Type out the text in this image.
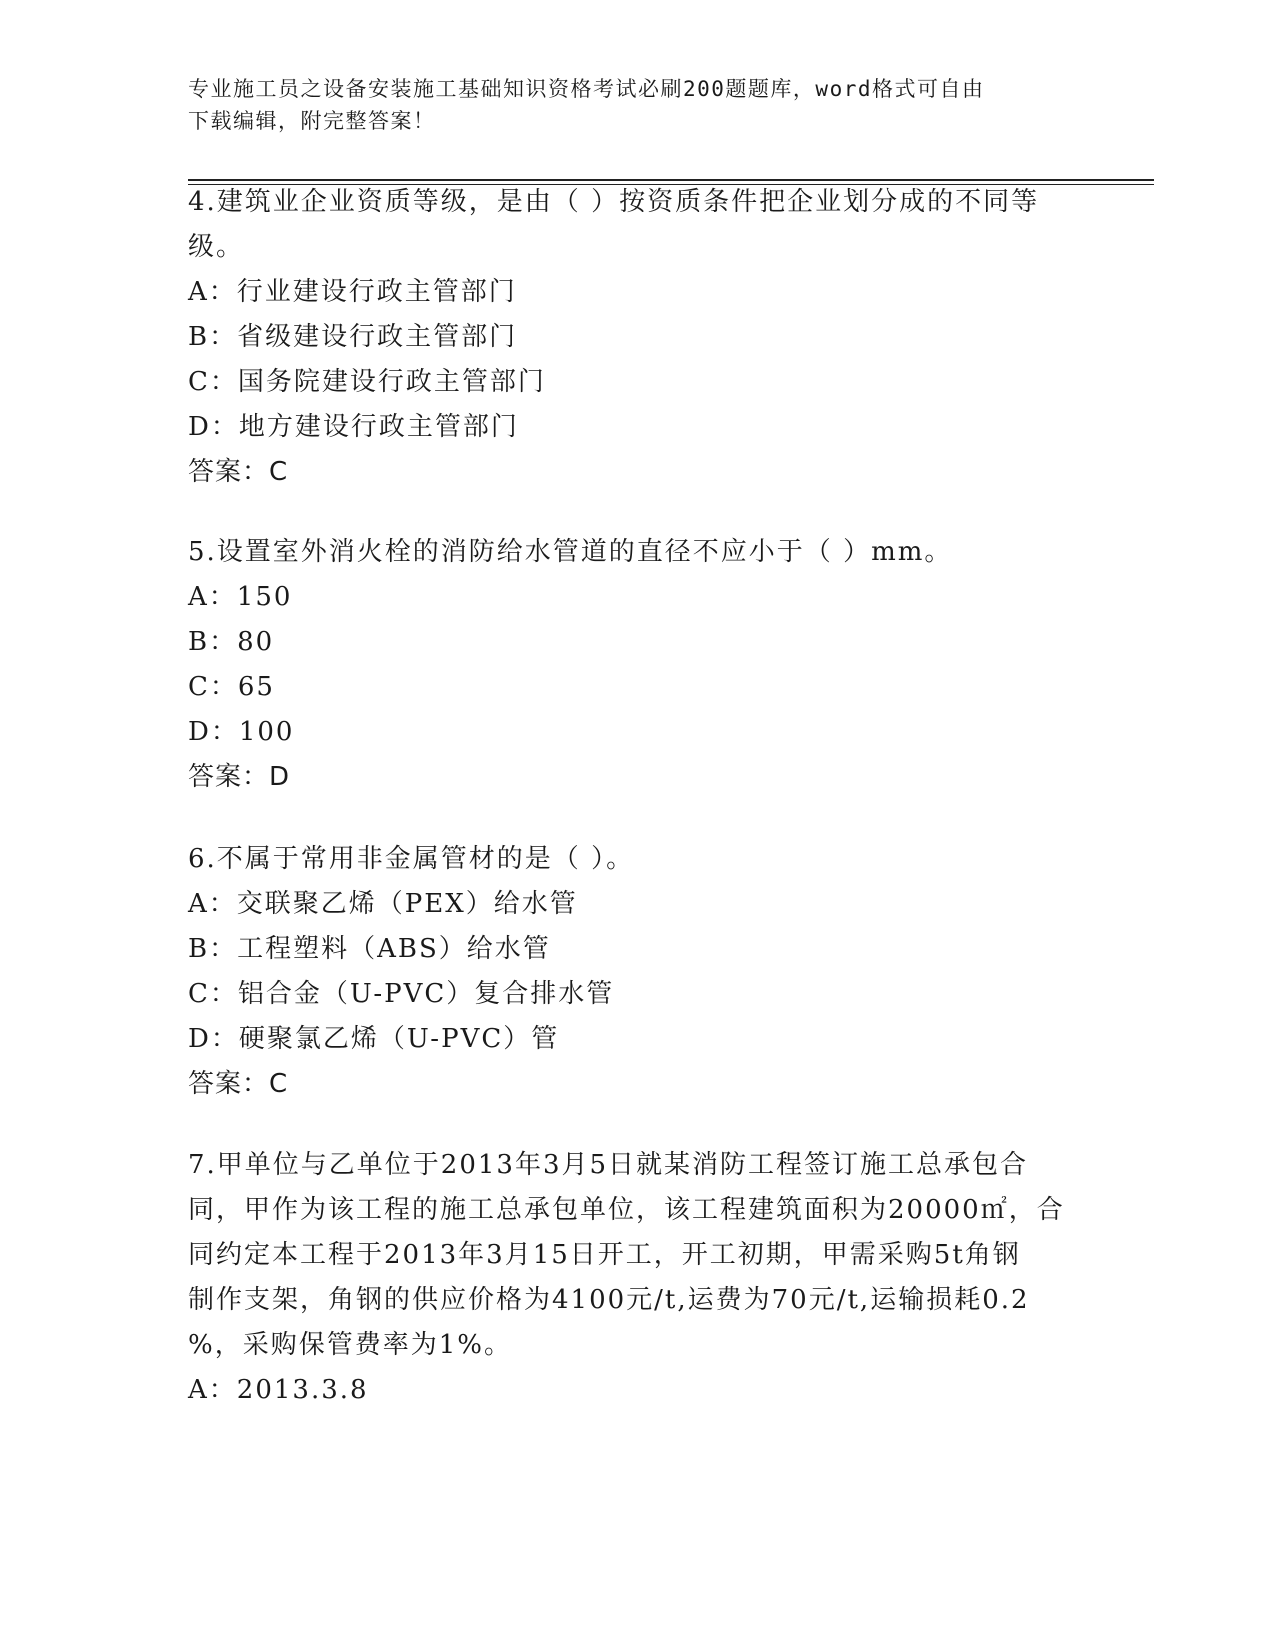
专业施工员之设备安装施工基础知识资格考试必刷200题题库，word格式可自由
下载编辑，附完整答案！

4.建筑业企业资质等级，是由（ ）按资质条件把企业划分成的不同等

级。

A：行业建设行政主管部门

B：省级建设行政主管部门

C：国务院建设行政主管部门

D：地方建设行政主管部门

答案：C

5.设置室外消火栓的消防给水管道的直径不应小于（ ）mm。

A：150

B：80

C：65

D：100

答案：D

6.不属于常用非金属管材的是（ ）。

A：交联聚乙烯（PEX）给水管

B：工程塑料（ABS）给水管

C：铝合金（U-PVC）复合排水管

D：硬聚氯乙烯（U-PVC）管

答案：C

7.甲单位与乙单位于2013年3月5日就某消防工程签订施工总承包合

同，甲作为该工程的施工总承包单位，该工程建筑面积为20000㎡，合

同约定本工程于2013年3月15日开工，开工初期，甲需采购5t角钢

制作支架，角钢的供应价格为4100元/t,运费为70元/t,运输损耗0.2

%，采购保管费率为1%。

A：2013.3.8
